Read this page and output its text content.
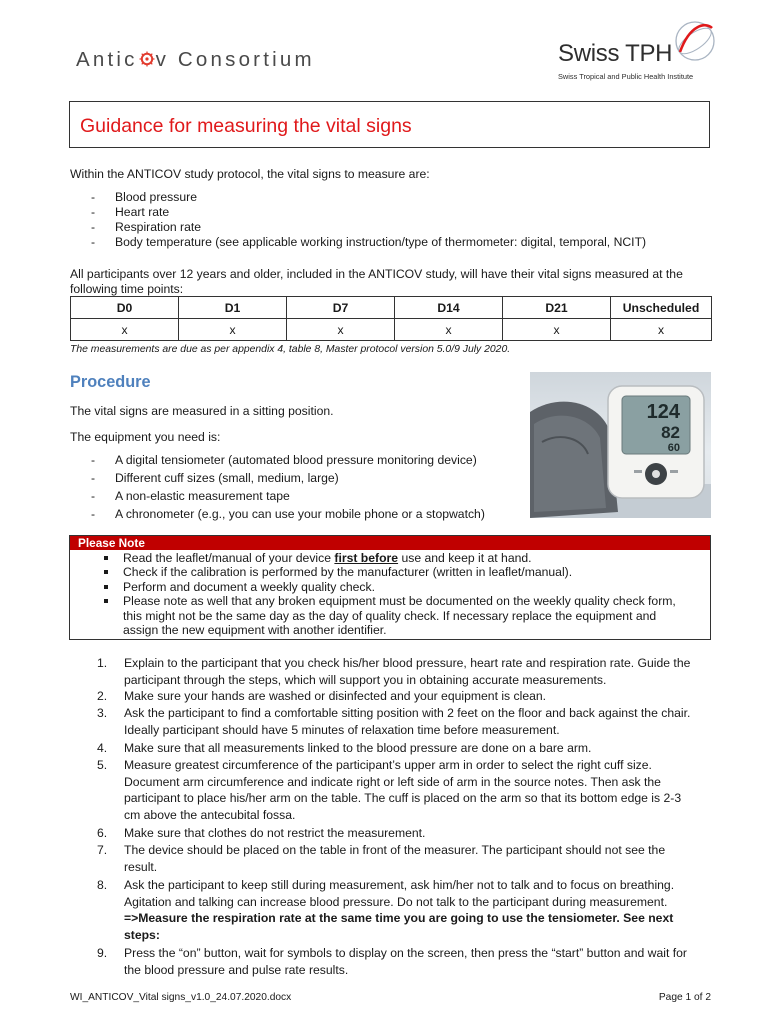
Antic v Consortium	Swiss TPH
Swiss Tropical and Public Health Institute
Guidance for measuring the vital signs
Within the ANTICOV study protocol, the vital signs to measure are:
- Blood pressure
- Heart rate
- Respiration rate
- Body temperature (see applicable working instruction/type of thermometer: digital, temporal, NCIT)
All participants over 12 years and older, included in the ANTICOV study, will have their vital signs measured at the
following time points:
D0	D1	D7	D14	D21	Unscheduled
x	x	x	x	x	x
The measurements are due as per appendix 4, table 8, Master protocol version 5.0/9 July 2020.
Procedure
The vital signs are measured in a sitting position.
The equipment you need is:
- A digital tensiometer (automated blood pressure monitoring device)
- Different cuff sizes (small, medium, large)
- A non-elastic measurement tape
- A chronometer (e.g., you can use your mobile phone or a stopwatch)
124
82
60
Please Note
Read the leaflet/manual of your device first before use and keep it at hand.
Check if the calibration is performed by the manufacturer (written in leaflet/manual).
Perform and document a weekly quality check.
Please note as well that any broken equipment must be documented on the weekly quality check form,
this might not be the same day as the day of quality check. If necessary replace the equipment and
assign the new equipment with another identifier.
1. Explain to the participant that you check his/her blood pressure, heart rate and respiration rate. Guide the
participant through the steps, which will support you in obtaining accurate measurements.
2. Make sure your hands are washed or disinfected and your equipment is clean.
3. Ask the participant to find a comfortable sitting position with 2 feet on the floor and back against the chair.
Ideally participant should have 5 minutes of relaxation time before measurement.
4. Make sure that all measurements linked to the blood pressure are done on a bare arm.
5. Measure greatest circumference of the participant’s upper arm in order to select the right cuff size.
Document arm circumference and indicate right or left side of arm in the source notes. Then ask the
participant to place his/her arm on the table. The cuff is placed on the arm so that its bottom edge is 2-3
cm above the antecubital fossa.
6. Make sure that clothes do not restrict the measurement.
7. The device should be placed on the table in front of the measurer. The participant should not see the
result.
8. Ask the participant to keep still during measurement, ask him/her not to talk and to focus on breathing.
Agitation and talking can increase blood pressure. Do not talk to the participant during measurement.
=>Measure the respiration rate at the same time you are going to use the tensiometer. See next
steps:
9. Press the “on” button, wait for symbols to display on the screen, then press the “start” button and wait for
the blood pressure and pulse rate results.
WI_ANTICOV_Vital signs_v1.0_24.07.2020.docx	Page 1 of 2
